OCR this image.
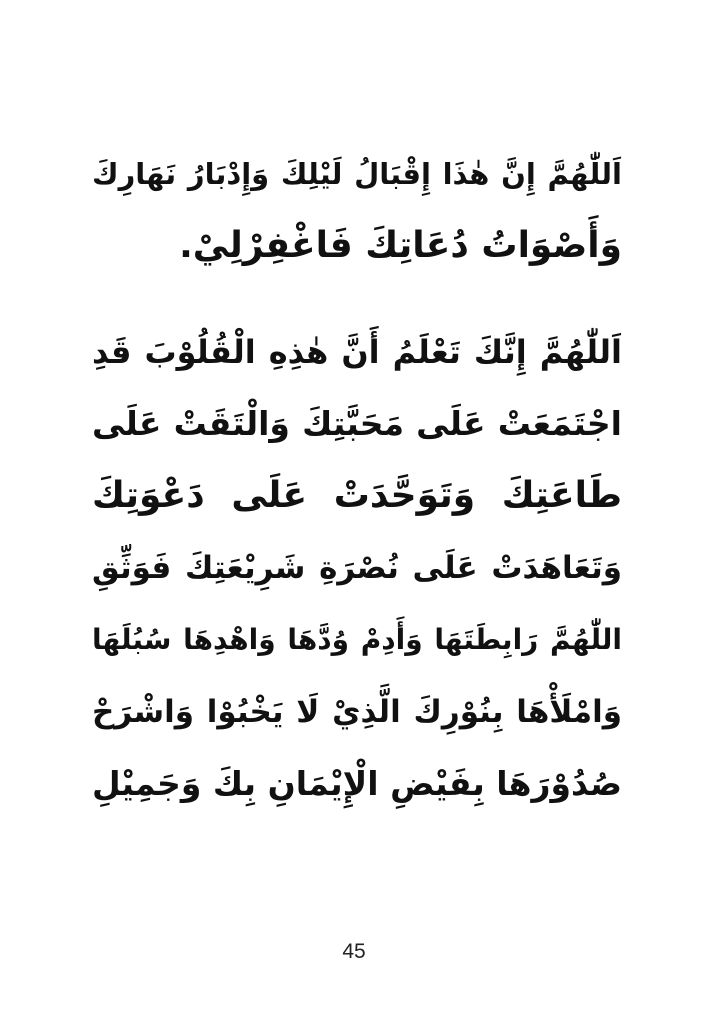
اَللّٰهُمَّ إِنَّ هٰذَا إِقْبَالُ لَيْلِكَ وَإِدْبَارُ نَهَارِكَ
وَأَصْوَاتُ دُعَاتِكَ فَاغْفِرْلِيْ.
اَللّٰهُمَّ إِنَّكَ تَعْلَمُ أَنَّ هٰذِهِ الْقُلُوْبَ قَدِ
اجْتَمَعَتْ عَلَى مَحَبَّتِكَ وَالْتَقَتْ عَلَى
طَاعَتِكَ وَتَوَحَّدَتْ عَلَى دَعْوَتِكَ
وَتَعَاهَدَتْ عَلَى نُصْرَةِ شَرِيْعَتِكَ فَوَثِّقِ
اللّٰهُمَّ رَابِطَتَهَا وَأَدِمْ وُدَّهَا وَاهْدِهَا سُبُلَهَا
وَامْلَأْهَا بِنُوْرِكَ الَّذِيْ لَا يَخْبُوْا وَاشْرَحْ
صُدُوْرَهَا بِفَيْضِ الْإِيْمَانِ بِكَ وَجَمِيْلِ
45
